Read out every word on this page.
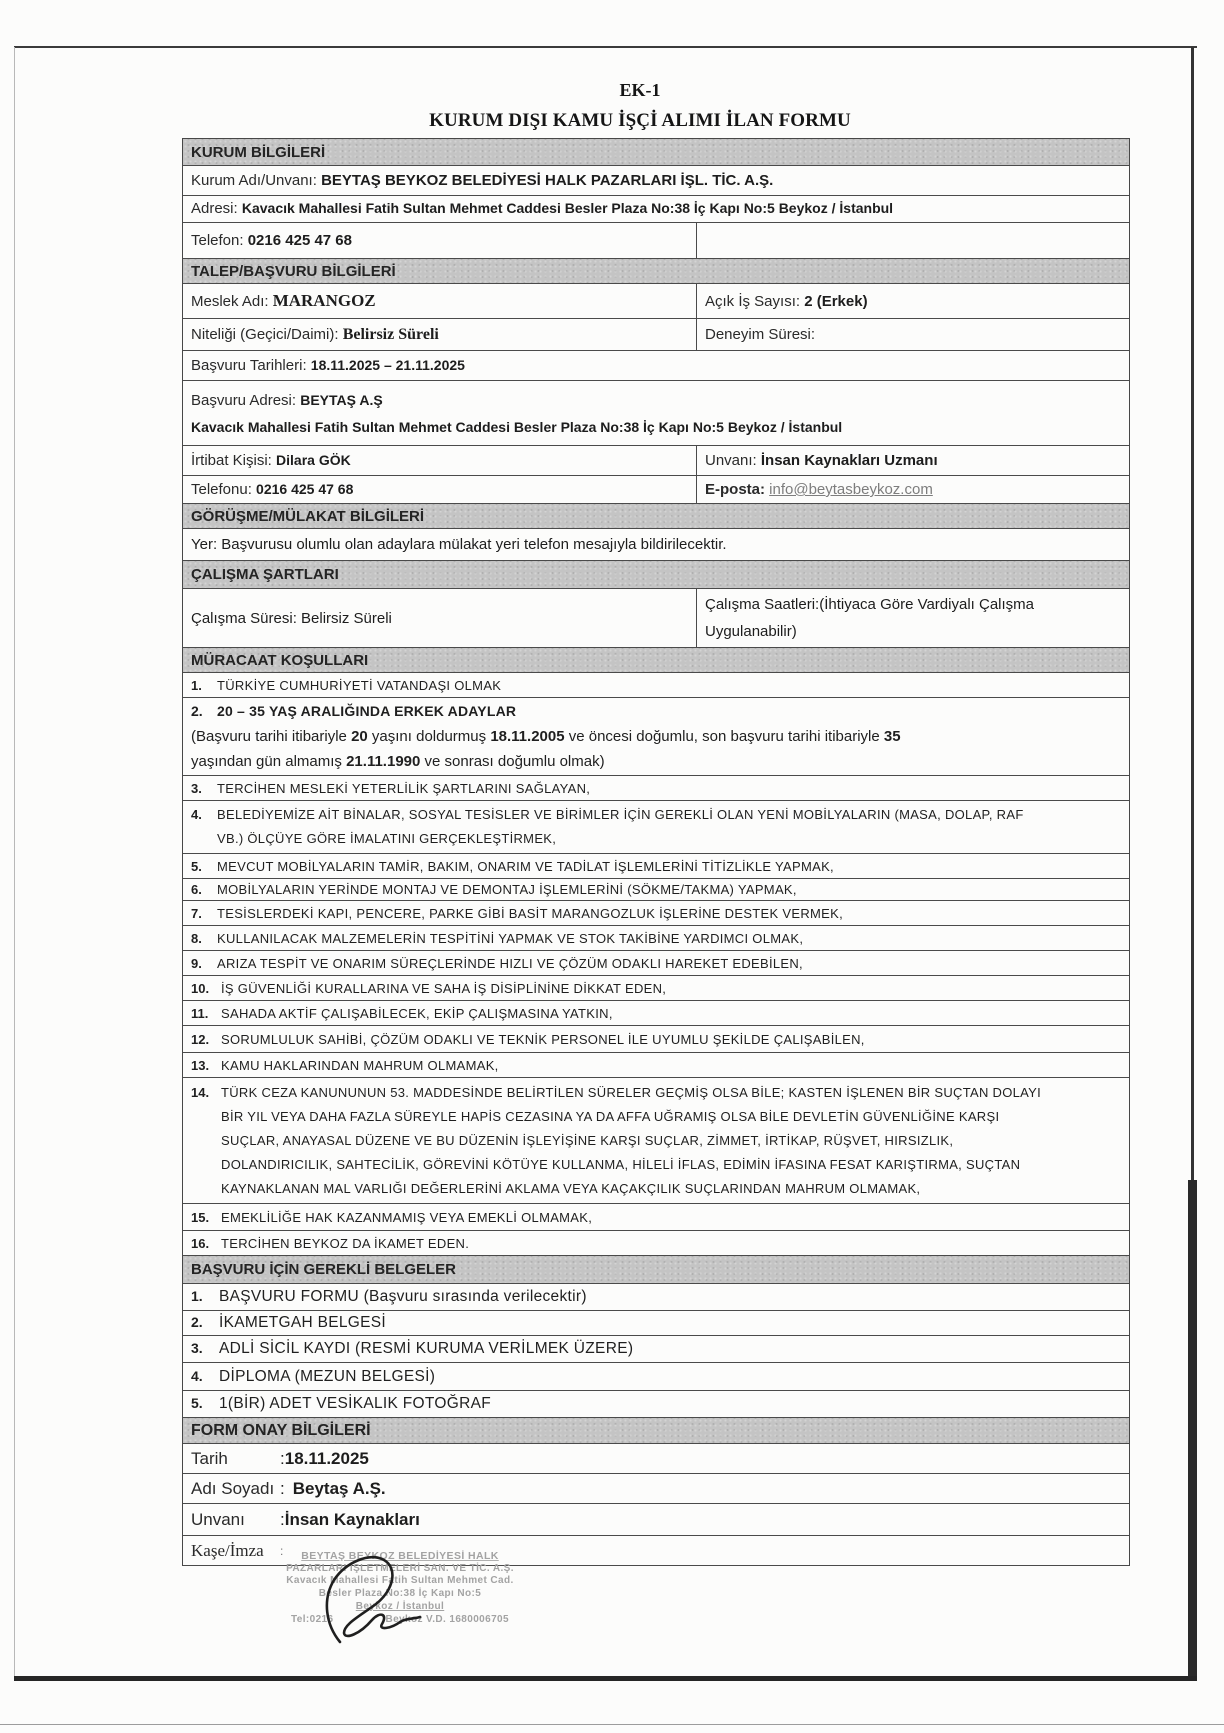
EK-1
KURUM DIŞI KAMU İŞÇİ ALIMI İLAN FORMU
KURUM BİLGİLERİ
Kurum Adı/Unvanı: BEYTAŞ BEYKOZ BELEDİYESİ HALK PAZARLARI İŞL. TİC. A.Ş.
Adresi: Kavacık Mahallesi Fatih Sultan Mehmet Caddesi Besler Plaza No:38 İç Kapı No:5 Beykoz / İstanbul
Telefon: 0216 425 47 68
TALEP/BAŞVURU BİLGİLERİ
Meslek Adı: MARANGOZ	Açık İş Sayısı: 2 (Erkek)
Niteliği (Geçici/Daimi): Belirsiz Süreli	Deneyim Süresi:
Başvuru Tarihleri: 18.11.2025 – 21.11.2025
Başvuru Adresi: BEYTAŞ A.Ş
Kavacık Mahallesi Fatih Sultan Mehmet Caddesi Besler Plaza No:38 İç Kapı No:5 Beykoz / İstanbul
İrtibat Kişisi: Dilara GÖK	Unvanı: İnsan Kaynakları Uzmanı
Telefonu: 0216 425 47 68	E-posta: info@beytasbeykoz.com
GÖRÜŞME/MÜLAKAT BİLGİLERİ
Yer: Başvurusu olumlu olan adaylara mülakat yeri telefon mesajıyla bildirilecektir.
ÇALIŞMA ŞARTLARI
Çalışma Süresi: Belirsiz Süreli
Çalışma Saatleri:(İhtiyaca Göre Vardiyalı Çalışma Uygulanabilir)
MÜRACAAT KOŞULLARI
1. TÜRKİYE CUMHURİYETİ VATANDAŞI OLMAK
2. 20 – 35 YAŞ ARALIĞINDA ERKEK ADAYLAR
(Başvuru tarihi itibariyle 20 yaşını doldurmuş 18.11.2005 ve öncesi doğumlu, son başvuru tarihi itibariyle 35
yaşından gün almamış 21.11.1990 ve sonrası doğumlu olmak)
3. TERCİHEN MESLEKİ YETERLİLİK ŞARTLARINI SAĞLAYAN,
4. BELEDİYEMİZE AİT BİNALAR, SOSYAL TESİSLER VE BİRİMLER İÇİN GEREKLİ OLAN YENİ MOBİLYALARIN (MASA, DOLAP, RAF
VB.) ÖLÇÜYE GÖRE İMALATINI GERÇEKLEŞTİRMEK,
5. MEVCUT MOBİLYALARIN TAMİR, BAKIM, ONARIM VE TADİLAT İŞLEMLERİNİ TİTİZLİKLE YAPMAK,
6. MOBİLYALARIN YERİNDE MONTAJ VE DEMONTAJ İŞLEMLERİNİ (SÖKME/TAKMA) YAPMAK,
7. TESİSLERDEKİ KAPI, PENCERE, PARKE GİBİ BASİT MARANGOZLUK İŞLERİNE DESTEK VERMEK,
8. KULLANILACAK MALZEMELERİN TESPİTİNİ YAPMAK VE STOK TAKİBİNE YARDIMCI OLMAK,
9. ARIZA TESPİT VE ONARIM SÜREÇLERİNDE HIZLI VE ÇÖZÜM ODAKLI HAREKET EDEBİLEN,
10. İŞ GÜVENLİĞİ KURALLARINA VE SAHA İŞ DİSİPLİNİNE DİKKAT EDEN,
11. SAHADA AKTİF ÇALIŞABİLECEK, EKİP ÇALIŞMASINA YATKIN,
12. SORUMLULUK SAHİBİ, ÇÖZÜM ODAKLI VE TEKNİK PERSONEL İLE UYUMLU ŞEKİLDE ÇALIŞABİLEN,
13. KAMU HAKLARINDAN MAHRUM OLMAMAK,
14. TÜRK CEZA KANUNUNUN 53. MADDESİNDE BELİRTİLEN SÜRELER GEÇMİŞ OLSA BİLE; KASTEN İŞLENEN BİR SUÇTAN DOLAYI
BİR YIL VEYA DAHA FAZLA SÜREYLE HAPİS CEZASINA YA DA AFFA UĞRAMIŞ OLSA BİLE DEVLETİN GÜVENLİĞİNE KARŞI
SUÇLAR, ANAYASAL DÜZENE VE BU DÜZENİN İŞLEYİŞİNE KARŞI SUÇLAR, ZİMMET, İRTİKAP, RÜŞVET, HIRSIZLIK,
DOLANDIRICILIK, SAHTECİLİK, GÖREVİNİ KÖTÜYE KULLANMA, HİLELİ İFLAS, EDİMİN İFASINA FESAT KARIŞTIRMA, SUÇTAN
KAYNAKLANAN MAL VARLIĞI DEĞERLERİNİ AKLAMA VEYA KAÇAKÇILIK SUÇLARINDAN MAHRUM OLMAMAK,
15. EMEKLİLİĞE HAK KAZANMAMIŞ VEYA EMEKLİ OLMAMAK,
16. TERCİHEN BEYKOZ DA İKAMET EDEN.
BAŞVURU İÇİN GEREKLİ BELGELER
1. BAŞVURU FORMU (Başvuru sırasında verilecektir)
2. İKAMETGAH BELGESİ
3. ADLİ SİCİL KAYDI (RESMİ KURUMA VERİLMEK ÜZERE)
4. DİPLOMA (MEZUN BELGESİ)
5. 1(BİR) ADET VESİKALIK FOTOĞRAF
FORM ONAY BİLGİLERİ
Tarih	: 18.11.2025
Adı Soyadı : Beytaş A.Ş.
Unvanı	: İnsan Kaynakları
Kaşe/İmza	:	BEYTAŞ BEYKOZ BELEDİYESİ HALK
PAZARLARI İŞLETMELERİ SAN. VE TİC. A.Ş.
Kavacık Mahallesi Fatih Sultan Mehmet Cad.
Besler Plaza No:38 İç Kapı No:5
Beykoz / İstanbul
Tel:0216	Beykoz V.D. 1680006705
